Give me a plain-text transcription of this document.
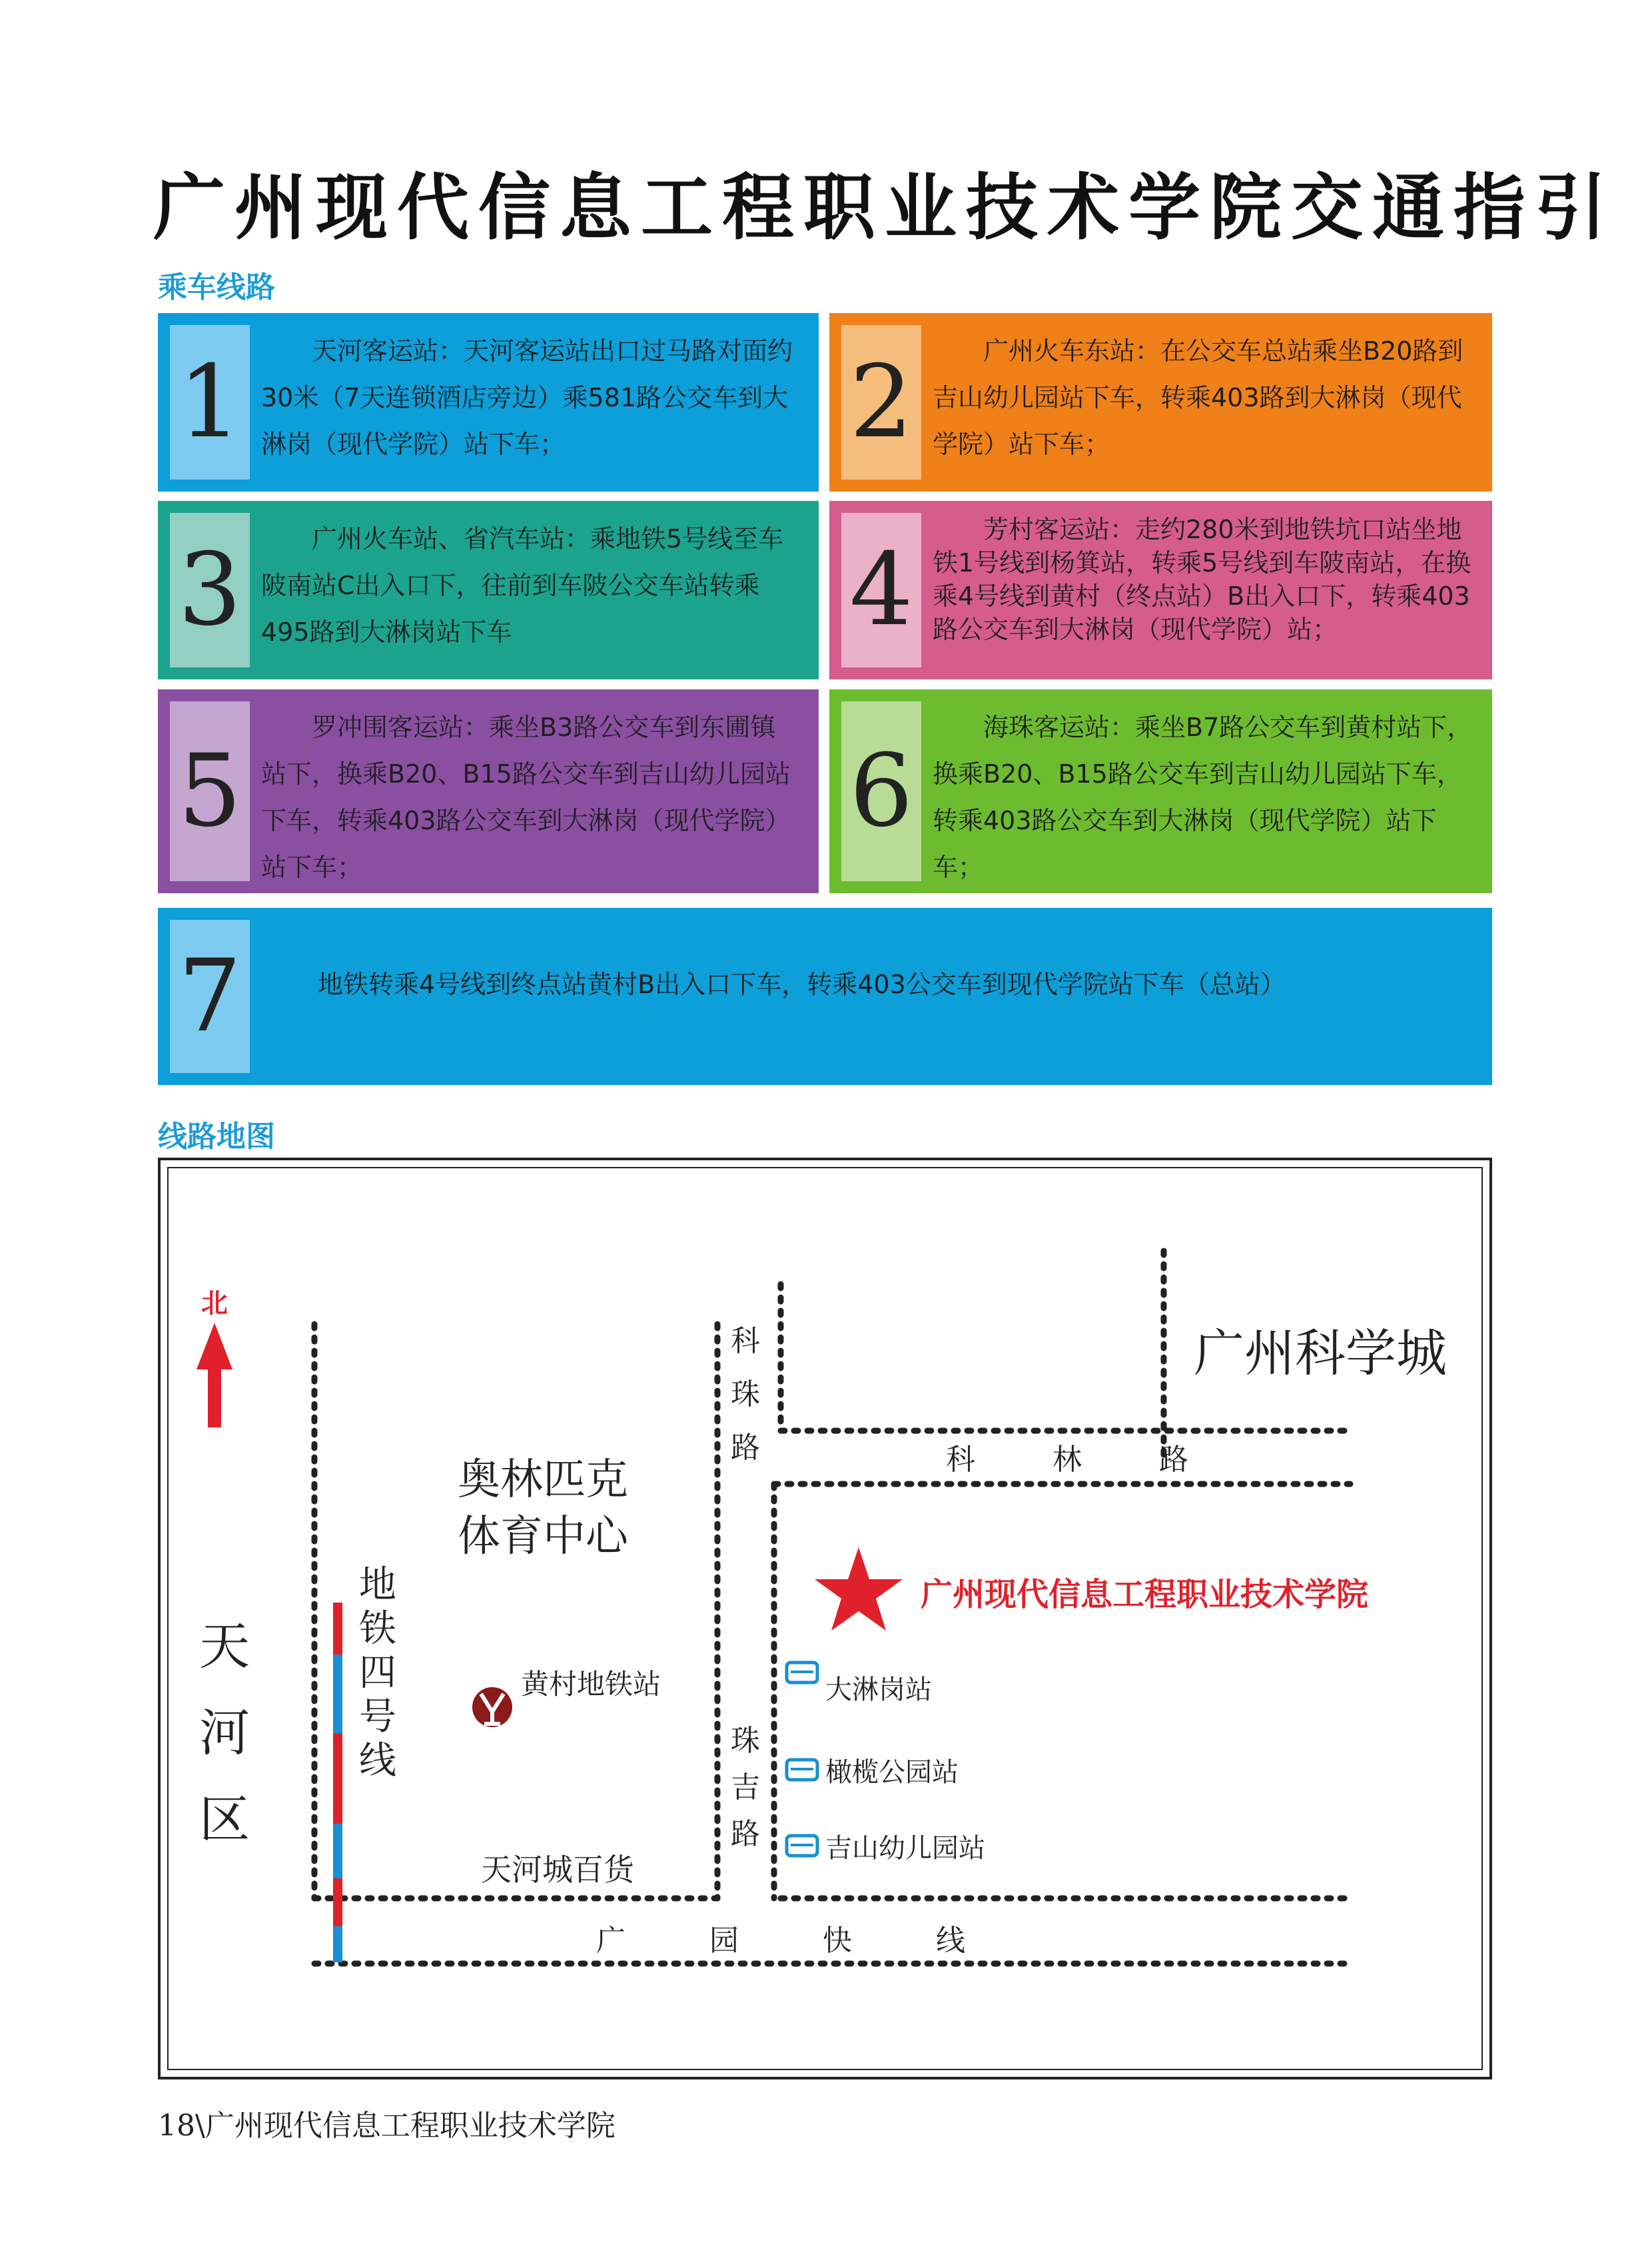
广州现代信息工程职业技术学院交通指引
乘车线路
1	天河客运站：天河客运站出口过马路对面约30米（7天连锁酒店旁边）乘581路公交车到大淋岗（现代学院）站下车；	2	广州火车东站：在公交车总站乘坐B20路到吉山幼儿园站下车，转乘403路到大淋岗（现代学院）站下车；
3	广州火车站、省汽车站：乘地铁5号线至车陂南站C出入口下，往前到车陂公交车站转乘495路到大淋岗站下车	4
芳村客运站：走约280米到地铁坑口站坐地铁1号线到杨箕站，转乘5号线到车陂南站，在换乘4号线到黄村（终点站）B出入口下，转乘403路公交车到大淋岗（现代学院）站；
5
罗冲围客运站：乘坐B3路公交车到东圃镇站下，换乘B20、B15路公交车到吉山幼儿园站下车，转乘403路公交车到大淋岗（现代学院）站下车；
6
海珠客运站：乘坐B7路公交车到黄村站下，换乘B20、B15路公交车到吉山幼儿园站下车，转乘403路公交车到大淋岗（现代学院）站下车；
7	地铁转乘4号线到终点站黄村B出入口下车，转乘403公交车到现代学院站下车（总站）
线路地图
北
天
河
区
地
铁
四
号
线
奥林匹克
体育中心
黄村地铁站
天河城百货
科
珠
路
珠
吉
路
科	林	路
广	园	快	线
广州科学城
广州现代信息工程职业技术学院
大淋岗站
橄榄公园站
吉山幼儿园站
18\广州现代信息工程职业技术学院
